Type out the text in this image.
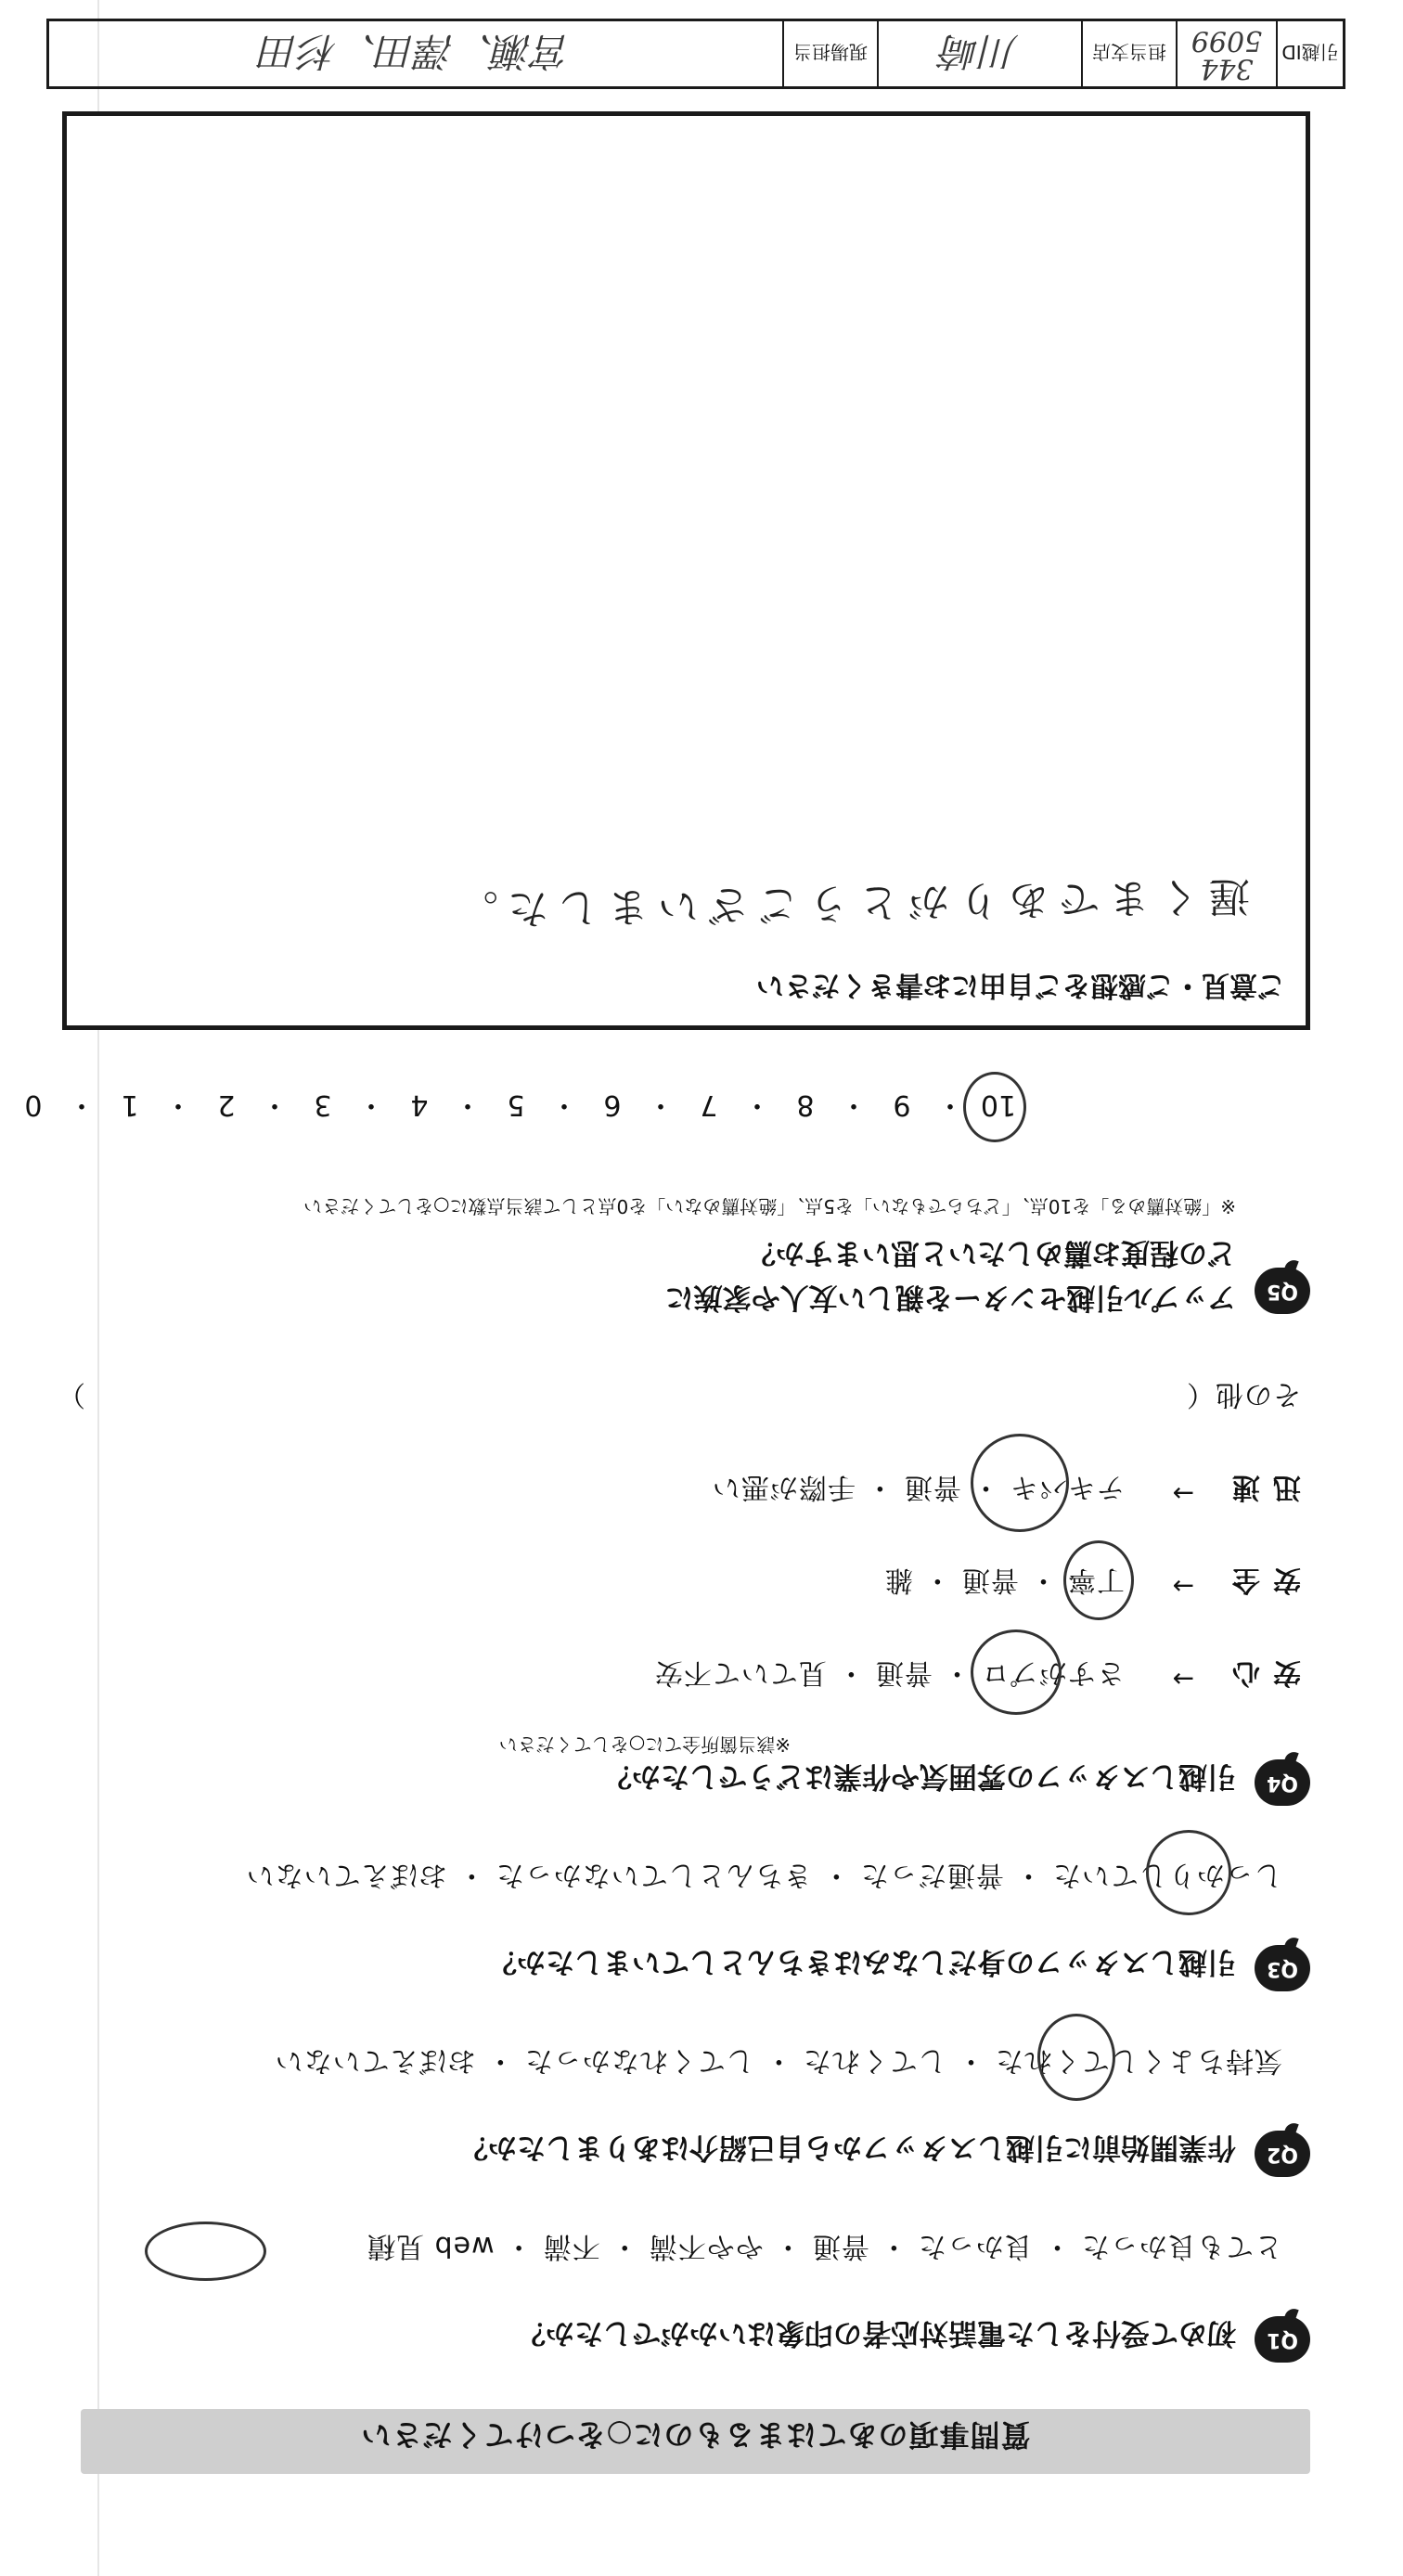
質問事項のあてはまるものに○をつけてください
Q1
初めて受付をした電話対応者の印象はいかがでしたか？
とても良かった ・ 良かった ・ 普通 ・ やや不満 ・ 不満 ・ web 見積
Q2
作業開始前に引越しスタッフから自己紹介はありましたか？
気持ちよくしてくれた ・ してくれた ・ してくれなかった ・ おぼえていない
Q3
引越しスタッフの身だしなみはきちんとしていましたか？
しっかりしていた ・ 普通だった ・ きちんとしていなかった ・ おぼえていない
Q4
引越しスタッフの雰囲気や作業はどうでしたか？
※該当箇所全てに○をしてください
安心
→
さすがプロ ・ 普通 ・ 見ていて不安
安全
→
丁寧 ・ 普通 ・ 雑
迅速
→
テキパキ ・ 普通 ・ 手際が悪い
その他（
）
Q5
アップル引越センターを親しい友人や家族に
どの程度お薦めしたいと思いますか？
※「絶対薦める」を10点、「どちらでもない」を5点、「絶対薦めない」を0点として該当点数に○をしてください
10・9・8・7・6・5・4・3・2・1・0
ご意見・ご感想をご自由にお書きください
遅くまでありがとうございました。
引越ID
344 5099
担当支店
川崎
現場担当
宮瀬、澤田、杉田
